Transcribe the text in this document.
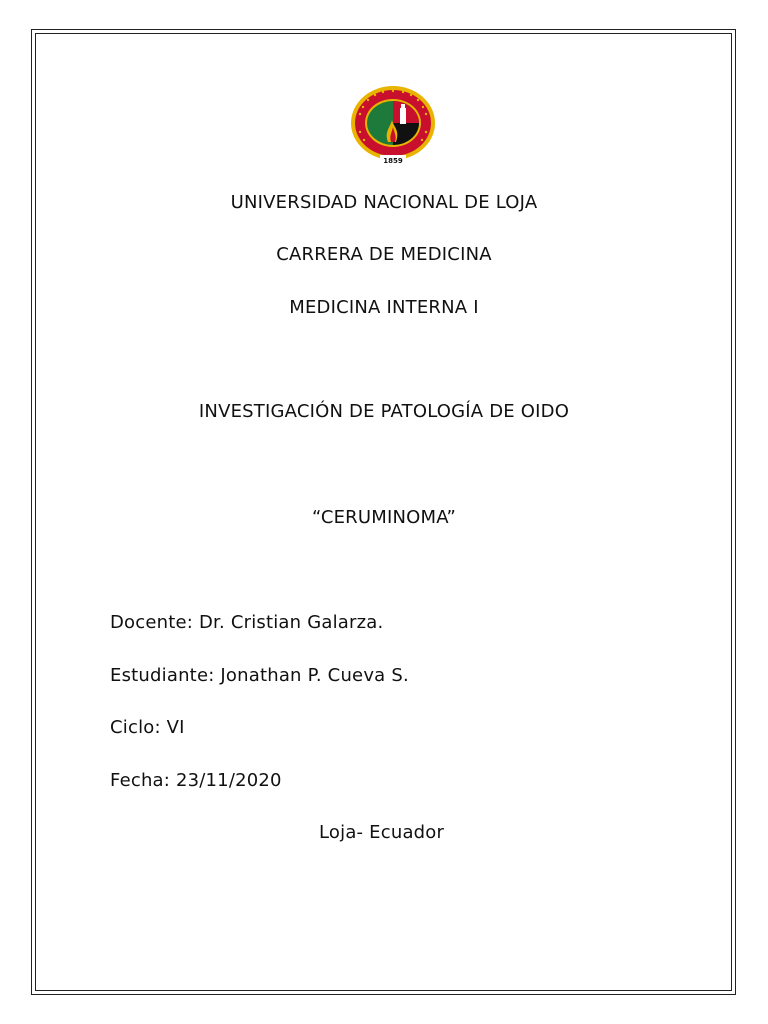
1859
UNIVERSIDAD NACIONAL DE LOJA
CARRERA DE MEDICINA
MEDICINA INTERNA I
INVESTIGACIÓN DE PATOLOGÍA DE OIDO
“CERUMINOMA”
Docente: Dr. Cristian Galarza.
Estudiante: Jonathan P. Cueva S.
Ciclo: VI
Fecha: 23/11/2020
Loja- Ecuador
